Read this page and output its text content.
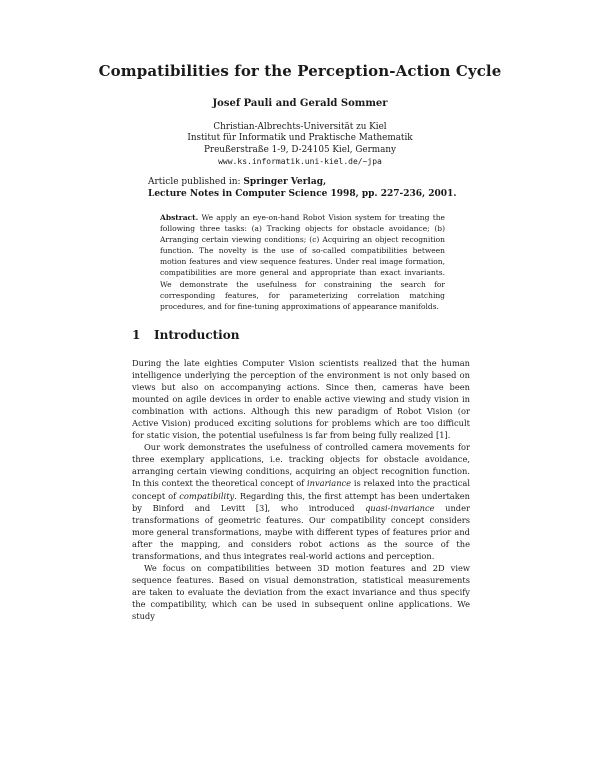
Compatibilities for the Perception-Action Cycle
Josef Pauli and Gerald Sommer
Christian-Albrechts-Universität zu Kiel
Institut für Informatik und Praktische Mathematik
Preußerstraße 1-9, D-24105 Kiel, Germany
www.ks.informatik.uni-kiel.de/~jpa
Article published in: Springer Verlag,
Lecture Notes in Computer Science 1998, pp. 227-236, 2001.
Abstract. We apply an eye-on-hand Robot Vision system for treating the following three tasks: (a) Tracking objects for obstacle avoidance; (b) Arranging certain viewing conditions; (c) Acquiring an object recognition function. The novelty is the use of so-called compatibilities between motion features and view sequence features. Under real image formation, compatibilities are more general and appropriate than exact invariants. We demonstrate the usefulness for constraining the search for corresponding features, for parameterizing correlation matching procedures, and for fine-tuning approximations of appearance manifolds.
1 Introduction

During the late eighties Computer Vision scientists realized that the human intelligence underlying the perception of the environment is not only based on views but also on accompanying actions. Since then, cameras have been mounted on agile devices in order to enable active viewing and study vision in combination with actions. Although this new paradigm of Robot Vision (or Active Vision) produced exciting solutions for problems which are too difficult for static vision, the potential usefulness is far from being fully realized [1].

Our work demonstrates the usefulness of controlled camera movements for three exemplary applications, i.e. tracking objects for obstacle avoidance, arranging certain viewing conditions, acquiring an object recognition function. In this context the theoretical concept of invariance is relaxed into the practical concept of compatibility. Regarding this, the first attempt has been undertaken by Binford and Levitt [3], who introduced quasi-invariance under transformations of geometric features. Our compatibility concept considers more general transformations, maybe with different types of features prior and after the mapping, and considers robot actions as the source of the transformations, and thus integrates real-world actions and perception.

We focus on compatibilities between 3D motion features and 2D view sequence features. Based on visual demonstration, statistical measurements are taken to evaluate the deviation from the exact invariance and thus specify the compatibility, which can be used in subsequent online applications. We study
